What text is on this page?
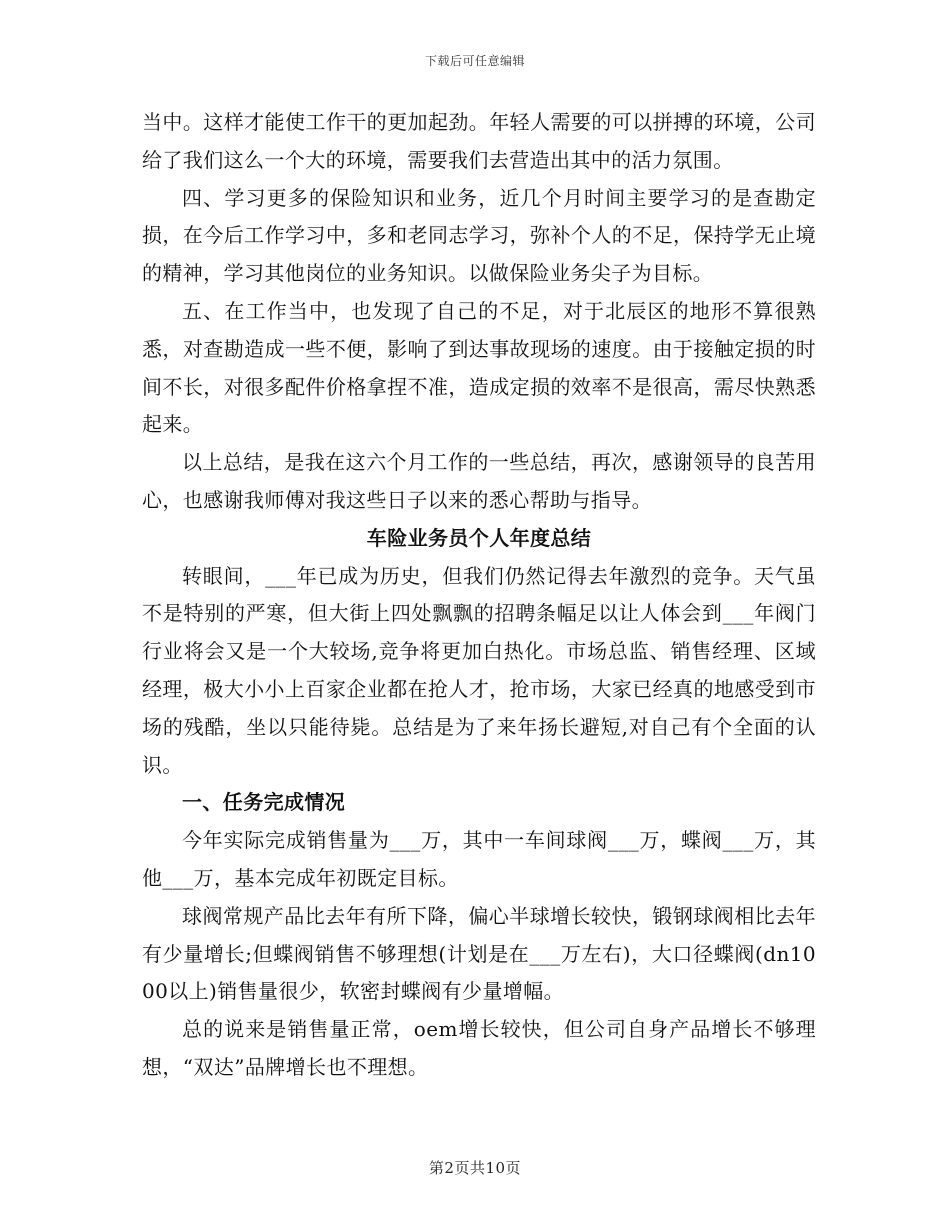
下载后可任意编辑

当中。这样才能使工作干的更加起劲。年轻人需要的可以拼搏的环境，公司给了我们这么一个大的环境，需要我们去营造出其中的活力氛围。

四、学习更多的保险知识和业务，近几个月时间主要学习的是查勘定损，在今后工作学习中，多和老同志学习，弥补个人的不足，保持学无止境的精神，学习其他岗位的业务知识。以做保险业务尖子为目标。

五、在工作当中，也发现了自己的不足，对于北辰区的地形不算很熟悉，对查勘造成一些不便，影响了到达事故现场的速度。由于接触定损的时间不长，对很多配件价格拿捏不准，造成定损的效率不是很高，需尽快熟悉起来。

以上总结，是我在这六个月工作的一些总结，再次，感谢领导的良苦用心，也感谢我师傅对我这些日子以来的悉心帮助与指导。

车险业务员个人年度总结

转眼间，___年已成为历史，但我们仍然记得去年激烈的竞争。天气虽不是特别的严寒，但大街上四处飘飘的招聘条幅足以让人体会到___年阀门行业将会又是一个大较场,竞争将更加白热化。市场总监、销售经理、区域经理，极大小小上百家企业都在抢人才，抢市场，大家已经真的地感受到市场的残酷，坐以只能待毙。总结是为了来年扬长避短,对自己有个全面的认识。

一、任务完成情况

今年实际完成销售量为___万，其中一车间球阀___万，蝶阀___万，其他___万，基本完成年初既定目标。

球阀常规产品比去年有所下降，偏心半球增长较快，锻钢球阀相比去年有少量增长;但蝶阀销售不够理想(计划是在___万左右)，大口径蝶阀(dn1000以上)销售量很少，软密封蝶阀有少量增幅。

总的说来是销售量正常，oem增长较快，但公司自身产品增长不够理想，“双达”品牌增长也不理想。

第2页共10页
